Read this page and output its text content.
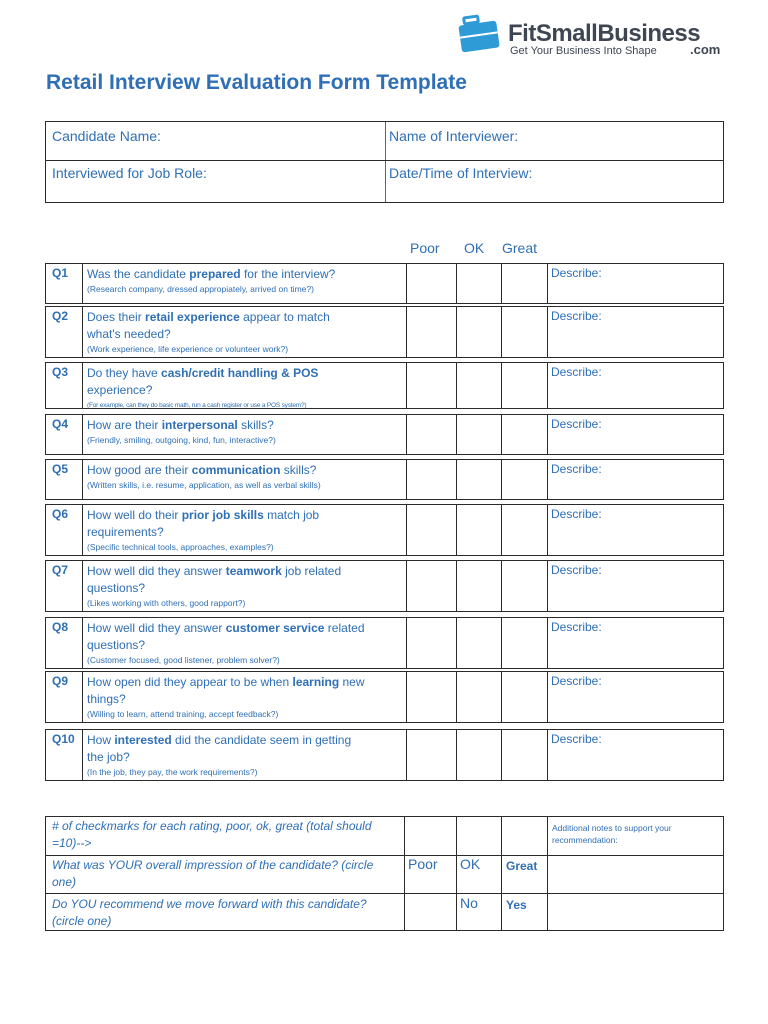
FitSmallBusiness
Get Your Business Into Shape	.com
Retail Interview Evaluation Form Template
Candidate Name:	Name of Interviewer:
Interviewed for Job Role:	Date/Time of Interview:
Poor OK Great
Q1 Was the candidate prepared for the interview?
(Research company, dressed appropiately, arrived on time?)
Describe:
Q2 Does their retail experience appear to match what's needed?
(Work experience, life experience or volunteer work?)
Describe:
Q3 Do they have cash/credit handling & POS experience?
(For example, can they do basic math, run a cash register or use a POS system?)
Describe:
Q4 How are their interpersonal skills?
(Friendly, smiling, outgoing, kind, fun, interactive?)
Describe:
Q5 How good are their communication skills?
(Written skills, i.e. resume, application, as well as verbal skills)
Describe:
Q6 How well do their prior job skills match job requirements?
(Specific technical tools, approaches, examples?)
Describe:
Q7 How well did they answer teamwork job related questions?
(Likes working with others, good rapport?)
Describe:
Q8 How well did they answer customer service related questions?
(Customer focused, good listener, problem solver?)
Describe:
Q9 How open did they appear to be when learning new things?
(Willing to learn, attend training, accept feedback?)
Describe:
Q10 How interested did the candidate seem in getting the job?
(In the job, they pay, the work requirements?)
Describe:
# of checkmarks for each rating, poor, ok, great (total should =10)-->
Additional notes to support your recommendation:
What was YOUR overall impression of the candidate? (circle one)
Poor OK Great
Do YOU recommend we move forward with this candidate? (circle one)
No Yes
